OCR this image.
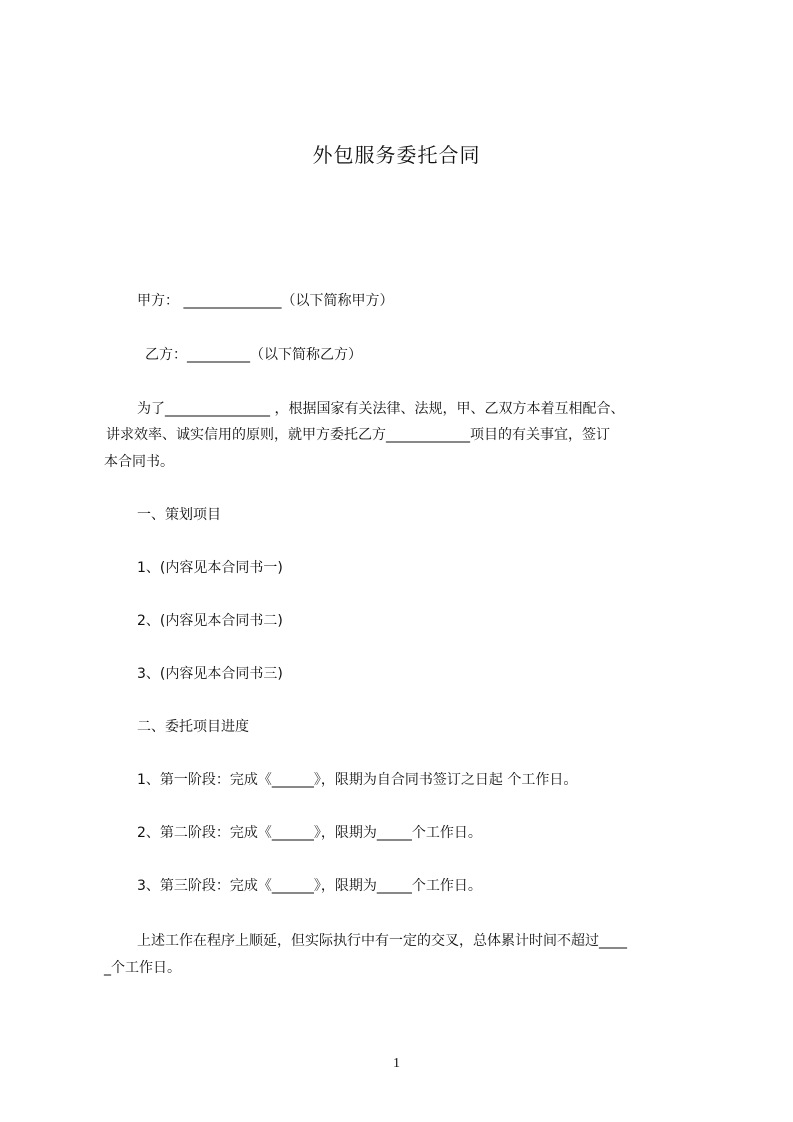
外包服务委托合同
甲方： ______________（以下简称甲方）
乙方：_________（以下简称乙方）
为了_______________ ，根据国家有关法律、法规，甲、乙双方本着互相配合、
讲求效率、诚实信用的原则，就甲方委托乙方____________项目的有关事宜，签订
本合同书。
一、策划项目
1、(内容见本合同书一)
2、(内容见本合同书二)
3、(内容见本合同书三)
二、委托项目进度
1、第一阶段：完成《______》，限期为自合同书签订之日起 个工作日。
2、第二阶段：完成《______》，限期为_____个工作日。
3、第三阶段：完成《______》，限期为_____个工作日。
上述工作在程序上顺延，但实际执行中有一定的交叉，总体累计时间不超过____
_个工作日。
1
